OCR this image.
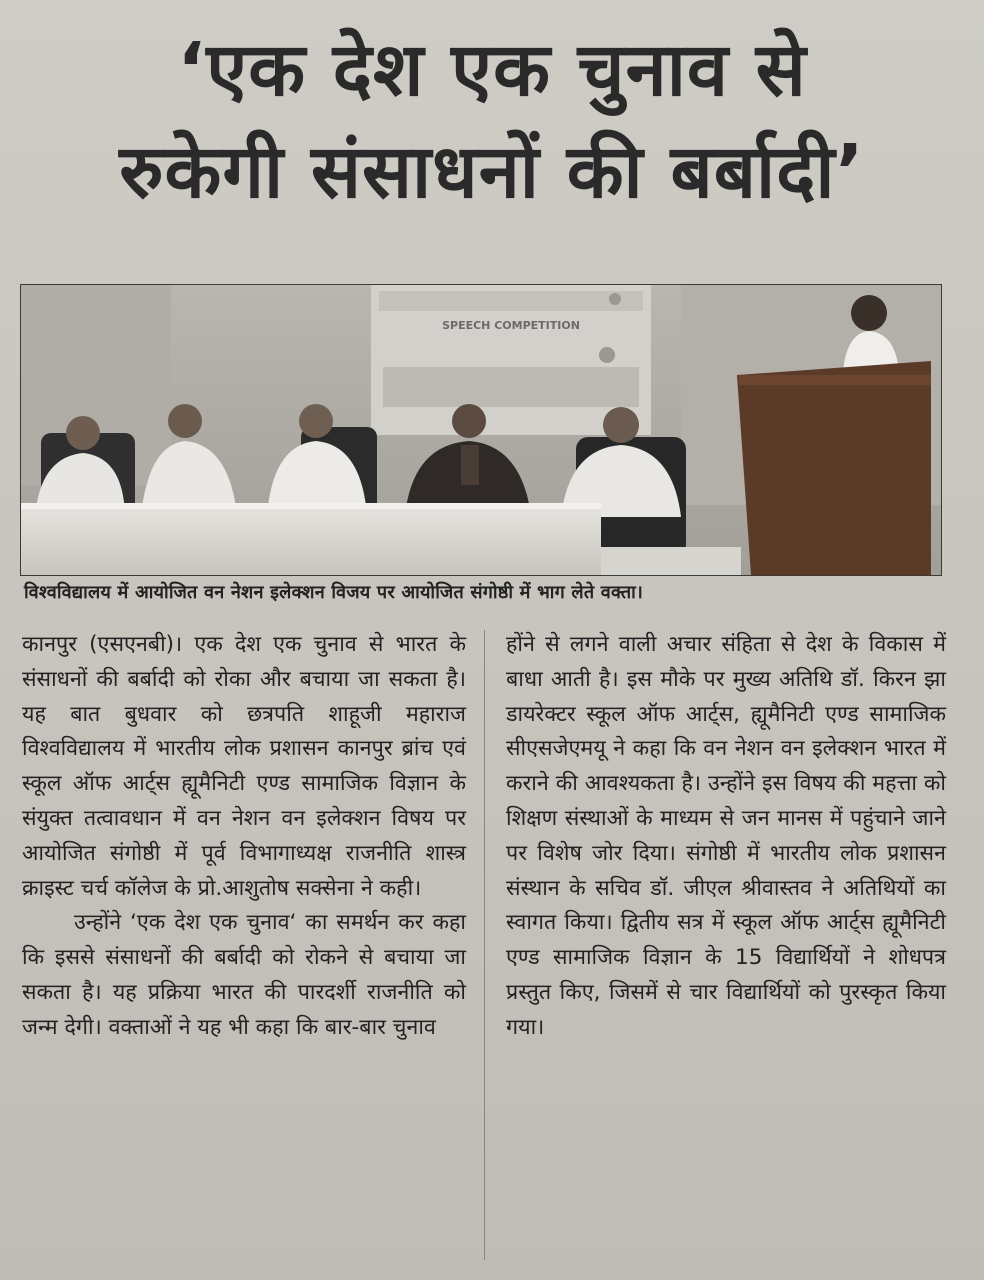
‘एक देश एक चुनाव से
रुकेगी संसाधनों की बर्बादी’
SPEECH COMPETITION
विश्वविद्यालय में आयोजित वन नेशन इलेक्शन विजय पर आयोजित संगोष्ठी में भाग लेते वक्ता।

कानपुर (एसएनबी)। एक देश एक चुनाव से भारत के संसाधनों की बर्बादी को रोका और बचाया जा सकता है। यह बात बुधवार को छत्रपति शाहूजी महाराज विश्वविद्यालय में भारतीय लोक प्रशासन कानपुर ब्रांच एवं स्कूल ऑफ आर्ट्स ह्यूमैनिटी एण्ड सामाजिक विज्ञान के संयुक्त तत्वावधान में वन नेशन वन इलेक्शन विषय पर आयोजित संगोष्ठी में पूर्व विभागाध्यक्ष राजनीति शास्त्र क्राइस्ट चर्च कॉलेज के प्रो.आशुतोष सक्सेना ने कही।

उन्होंने ‘एक देश एक चुनाव‘ का समर्थन कर कहा कि इससे संसाधनों की बर्बादी को रोकने से बचाया जा सकता है। यह प्रक्रिया भारत की पारदर्शी राजनीति को जन्म देगी। वक्ताओं ने यह भी कहा कि बार-बार चुनाव

होंने से लगने वाली अचार संहिता से देश के विकास में बाधा आती है। इस मौके पर मुख्य अतिथि डॉ. किरन झा डायरेक्टर स्कूल ऑफ आर्ट्स, ह्यूमैनिटी एण्ड सामाजिक सीएसजेएमयू ने कहा कि वन नेशन वन इलेक्शन भारत में कराने की आवश्यकता है। उन्होंने इस विषय की महत्ता को शिक्षण संस्थाओं के माध्यम से जन मानस में पहुंचाने जाने पर विशेष जोर दिया। संगोष्ठी में भारतीय लोक प्रशासन संस्थान के सचिव डॉ. जीएल श्रीवास्तव ने अतिथियों का स्वागत किया। द्वितीय सत्र में स्कूल ऑफ आर्ट्स ह्यूमैनिटी एण्ड सामाजिक विज्ञान के 15 विद्यार्थियों ने शोधपत्र प्रस्तुत किए, जिसमें से चार विद्यार्थियों को पुरस्कृत किया गया।
